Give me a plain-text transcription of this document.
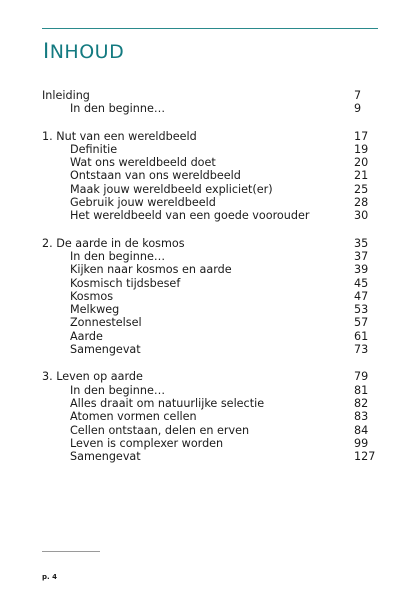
INHOUD
Inleiding	7
In den beginne…	9
1. Nut van een wereldbeeld	17
Definitie	19
Wat ons wereldbeeld doet	20
Ontstaan van ons wereldbeeld	21
Maak jouw wereldbeeld expliciet(er)	25
Gebruik jouw wereldbeeld	28
Het wereldbeeld van een goede voorouder	30
2. De aarde in de kosmos	35
In den beginne…	37
Kijken naar kosmos en aarde	39
Kosmisch tijdsbesef	45
Kosmos	47
Melkweg	53
Zonnestelsel	57
Aarde	61
Samengevat	73
3. Leven op aarde	79
In den beginne…	81
Alles draait om natuurlijke selectie	82
Atomen vormen cellen	83
Cellen ontstaan, delen en erven	84
Leven is complexer worden	99
Samengevat	127
p. 4
